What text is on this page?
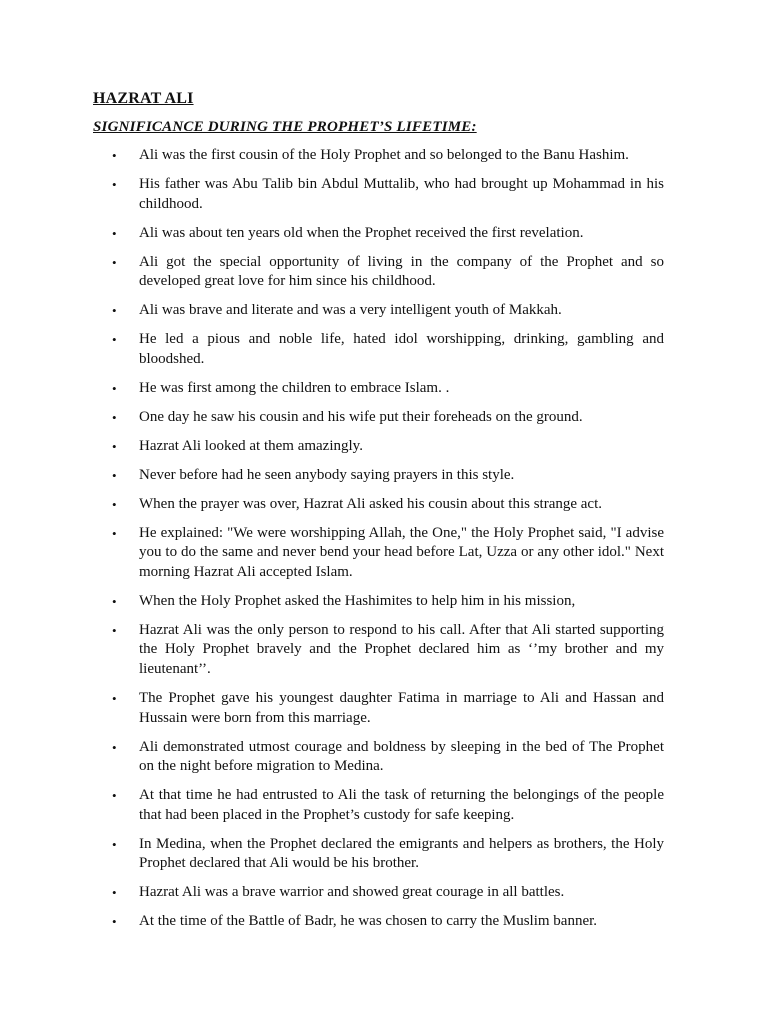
HAZRAT ALI
SIGNIFICANCE DURING THE PROPHET’S LIFETIME:
•	Ali was the first cousin of the Holy Prophet and so belonged to the Banu Hashim.
•	His father was Abu Talib bin Abdul Muttalib, who had brought up Mohammad in his childhood.
•	Ali was about ten years old when the Prophet received the first revelation.
•	Ali got the special opportunity of living in the company of the Prophet and so developed great love for him since his childhood.
•	Ali was brave and literate and was a very intelligent youth of Makkah.
•	He led a pious and noble life, hated idol worshipping, drinking, gambling and bloodshed.
•	He was first among the children to embrace Islam. .
•	One day he saw his cousin and his wife put their foreheads on the ground.
•	Hazrat Ali looked at them amazingly.
•	Never before had he seen anybody saying prayers in this style.
•	When the prayer was over, Hazrat Ali asked his cousin about this strange act.
•	He explained: "We were worshipping Allah, the One," the Holy Prophet said, "I advise you to do the same and never bend your head before Lat, Uzza or any other idol." Next morning Hazrat Ali accepted Islam.
•	When the Holy Prophet asked the Hashimites to help him in his mission,
•	Hazrat Ali was the only person to respond to his call. After that Ali started supporting the Holy Prophet bravely and the Prophet declared him as ‘’my brother and my lieutenant’’.
•	The Prophet gave his youngest daughter Fatima in marriage to Ali and Hassan and Hussain were born from this marriage.
•	Ali demonstrated utmost courage and boldness by sleeping in the bed of The Prophet on the night before migration to Medina.
•	At that time he had entrusted to Ali the task of returning the belongings of the people that had been placed in the Prophet’s custody for safe keeping.
•	In Medina, when the Prophet declared the emigrants and helpers as brothers, the Holy Prophet declared that Ali would be his brother.
•	Hazrat Ali was a brave warrior and showed great courage in all battles.
•	At the time of the Battle of Badr, he was chosen to carry the Muslim banner.
